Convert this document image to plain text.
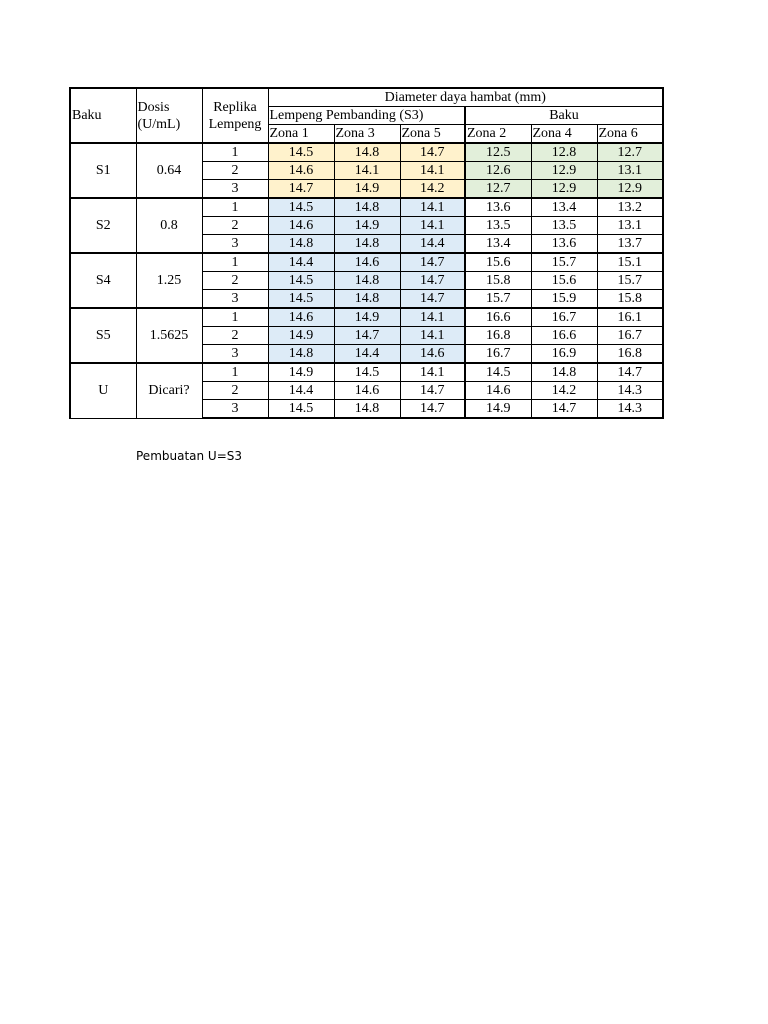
Baku	Dosis (U/mL)	Replika Lempeng	Diameter daya hambat (mm)					
			Lempeng Pembanding (S3)			Baku		
			Zona 1	Zona 3	Zona 5	Zona 2	Zona 4	Zona 6
S1	0.64	1	14.5	14.8	14.7	12.5	12.8	12.7
		2	14.6	14.1	14.1	12.6	12.9	13.1
		3	14.7	14.9	14.2	12.7	12.9	12.9
S2	0.8	1	14.5	14.8	14.1	13.6	13.4	13.2
		2	14.6	14.9	14.1	13.5	13.5	13.1
		3	14.8	14.8	14.4	13.4	13.6	13.7
S4	1.25	1	14.4	14.6	14.7	15.6	15.7	15.1
		2	14.5	14.8	14.7	15.8	15.6	15.7
		3	14.5	14.8	14.7	15.7	15.9	15.8
S5	1.5625	1	14.6	14.9	14.1	16.6	16.7	16.1
		2	14.9	14.7	14.1	16.8	16.6	16.7
		3	14.8	14.4	14.6	16.7	16.9	16.8
U	Dicari?	1	14.9	14.5	14.1	14.5	14.8	14.7
		2	14.4	14.6	14.7	14.6	14.2	14.3
		3	14.5	14.8	14.7	14.9	14.7	14.3
Pembuatan U=S3
